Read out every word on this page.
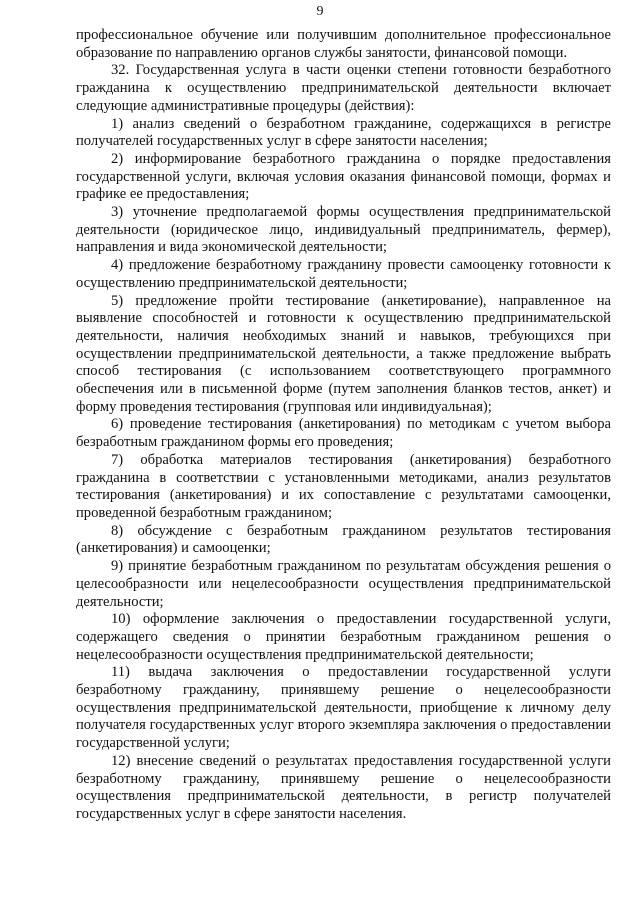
9

профессиональное обучение или получившим дополнительное профессиональное образование по направлению органов службы занятости, финансовой помощи.

32. Государственная услуга в части оценки степени готовности безработного гражданина к осуществлению предпринимательской деятельности включает следующие административные процедуры (действия):

1) анализ сведений о безработном гражданине, содержащихся в регистре получателей государственных услуг в сфере занятости населения;

2) информирование безработного гражданина о порядке предоставления государственной услуги, включая условия оказания финансовой помощи, формах и графике ее предоставления;

3) уточнение предполагаемой формы осуществления предпринимательской деятельности (юридическое лицо, индивидуальный предприниматель, фермер), направления и вида экономической деятельности;

4) предложение безработному гражданину провести самооценку готовности к осуществлению предпринимательской деятельности;

5) предложение пройти тестирование (анкетирование), направленное на выявление способностей и готовности к осуществлению предпринимательской деятельности, наличия необходимых знаний и навыков, требующихся при осуществлении предпринимательской деятельности, а также предложение выбрать способ тестирования (с использованием соответствующего программного обеспечения или в письменной форме (путем заполнения бланков тестов, анкет) и форму проведения тестирования (групповая или индивидуальная);

6) проведение тестирования (анкетирования) по методикам с учетом выбора безработным гражданином формы его проведения;

7) обработка материалов тестирования (анкетирования) безработного гражданина в соответствии с установленными методиками, анализ результатов тестирования (анкетирования) и их сопоставление с результатами самооценки, проведенной безработным гражданином;

8) обсуждение с безработным гражданином результатов тестирования (анкетирования) и самооценки;

9) принятие безработным гражданином по результатам обсуждения решения о целесообразности или нецелесообразности осуществления предпринимательской деятельности;

10) оформление заключения о предоставлении государственной услуги, содержащего сведения о принятии безработным гражданином решения о нецелесообразности осуществления предпринимательской деятельности;

11) выдача заключения о предоставлении государственной услуги безработному гражданину, принявшему решение о нецелесообразности осуществления предпринимательской деятельности, приобщение к личному делу получателя государственных услуг второго экземпляра заключения о предоставлении государственной услуги;

12) внесение сведений о результатах предоставления государственной услуги безработному гражданину, принявшему решение о нецелесообразности осуществления предпринимательской деятельности, в регистр получателей государственных услуг в сфере занятости населения.
